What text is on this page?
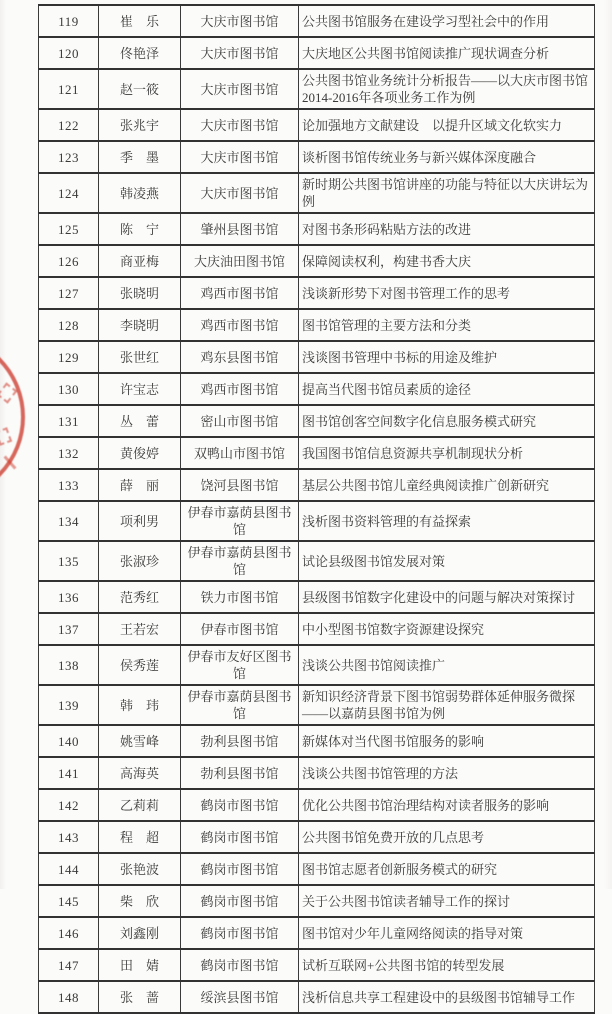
119	崔　乐	大庆市图书馆	公共图书馆服务在建设学习型社会中的作用
120	佟艳泽	大庆市图书馆	大庆地区公共图书馆阅读推广现状调查分析
121	赵一筱	大庆市图书馆	公共图书馆业务统计分析报告——以大庆市图书馆2014-2016年各项业务工作为例
122	张兆宇	大庆市图书馆	论加强地方文献建设　以提升区域文化软实力
123	季　墨	大庆市图书馆	谈析图书馆传统业务与新兴媒体深度融合
124	韩凌燕	大庆市图书馆	新时期公共图书馆讲座的功能与特征以大庆讲坛为例
125	陈　宁	肇州县图书馆	对图书条形码粘贴方法的改进
126	商亚梅	大庆油田图书馆	保障阅读权利，构建书香大庆
127	张晓明	鸡西市图书馆	浅谈新形势下对图书管理工作的思考
128	李晓明	鸡西市图书馆	图书馆管理的主要方法和分类
129	张世红	鸡东县图书馆	浅谈图书管理中书标的用途及维护
130	许宝志	鸡西市图书馆	提高当代图书馆员素质的途径
131	丛　蕾	密山市图书馆	图书馆创客空间数字化信息服务模式研究
132	黄俊婷	双鸭山市图书馆	我国图书馆信息资源共享机制现状分析
133	薛　丽	饶河县图书馆	基层公共图书馆儿童经典阅读推广创新研究
134	项利男	伊春市嘉荫县图书馆	浅析图书资料管理的有益探索
135	张淑珍	伊春市嘉荫县图书馆	试论县级图书馆发展对策
136	范秀红	铁力市图书馆	县级图书馆数字化建设中的问题与解决对策探讨
137	王若宏	伊春市图书馆	中小型图书馆数字资源建设探究
138	侯秀莲	伊春市友好区图书馆	浅谈公共图书馆阅读推广
139	韩　玮	伊春市嘉荫县图书馆	新知识经济背景下图书馆弱势群体延伸服务微探——以嘉荫县图书馆为例
140	姚雪峰	勃利县图书馆	新媒体对当代图书馆服务的影响
141	高海英	勃利县图书馆	浅谈公共图书馆管理的方法
142	乙莉莉	鹤岗市图书馆	优化公共图书馆治理结构对读者服务的影响
143	程　超	鹤岗市图书馆	公共图书馆免费开放的几点思考
144	张艳波	鹤岗市图书馆	图书馆志愿者创新服务模式的研究
145	柴　欣	鹤岗市图书馆	关于公共图书馆读者辅导工作的探讨
146	刘鑫刚	鹤岗市图书馆	图书馆对少年儿童网络阅读的指导对策
147	田　婧	鹤岗市图书馆	试析互联网+公共图书馆的转型发展
148	张　蔷	绥滨县图书馆	浅析信息共享工程建设中的县级图书馆辅导工作
